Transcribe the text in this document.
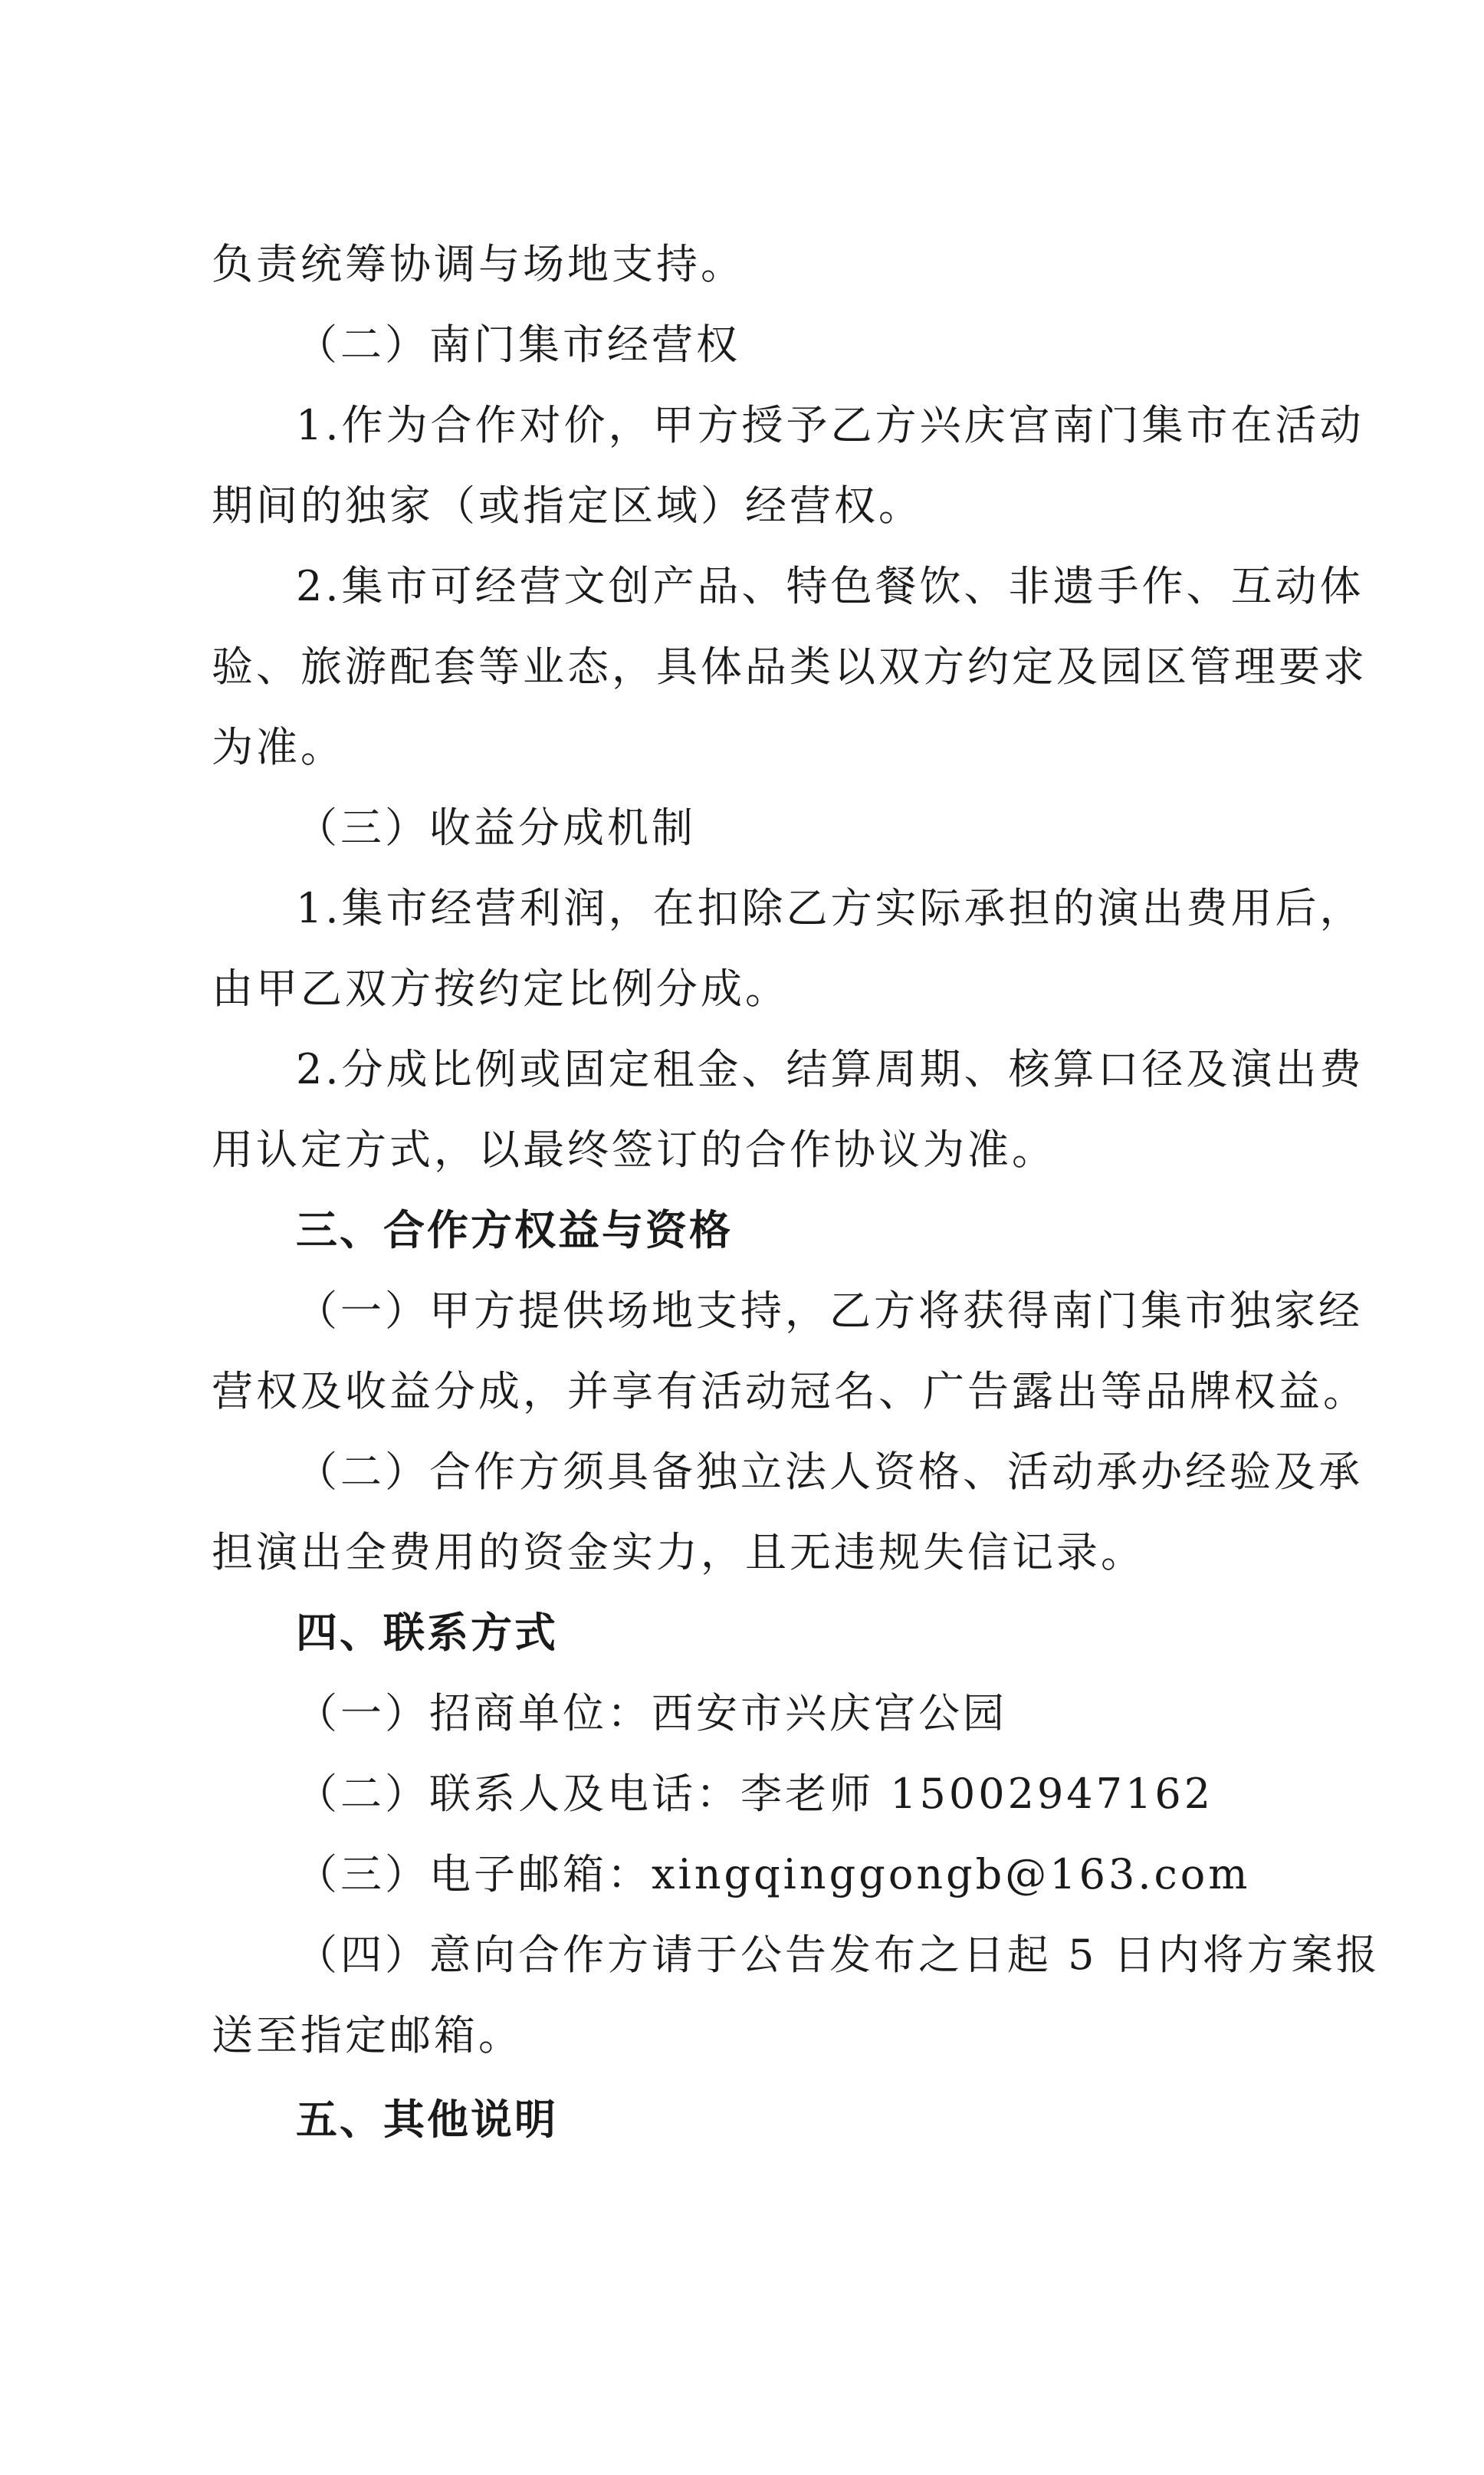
负责统筹协调与场地支持。
（二）南门集市经营权
1.作为合作对价，甲方授予乙方兴庆宫南门集市在活动
期间的独家（或指定区域）经营权。
2.集市可经营文创产品、特色餐饮、非遗手作、互动体
验、旅游配套等业态，具体品类以双方约定及园区管理要求
为准。
（三）收益分成机制
1.集市经营利润，在扣除乙方实际承担的演出费用后，
由甲乙双方按约定比例分成。
2.分成比例或固定租金、结算周期、核算口径及演出费
用认定方式，以最终签订的合作协议为准。
三、合作方权益与资格
（一）甲方提供场地支持，乙方将获得南门集市独家经
营权及收益分成，并享有活动冠名、广告露出等品牌权益。
（二）合作方须具备独立法人资格、活动承办经验及承
担演出全费用的资金实力，且无违规失信记录。
四、联系方式
（一）招商单位：西安市兴庆宫公园
（二）联系人及电话：李老师 15002947162
（三）电子邮箱：xingqinggongb@163.com
（四）意向合作方请于公告发布之日起 5 日内将方案报
送至指定邮箱。
五、其他说明
